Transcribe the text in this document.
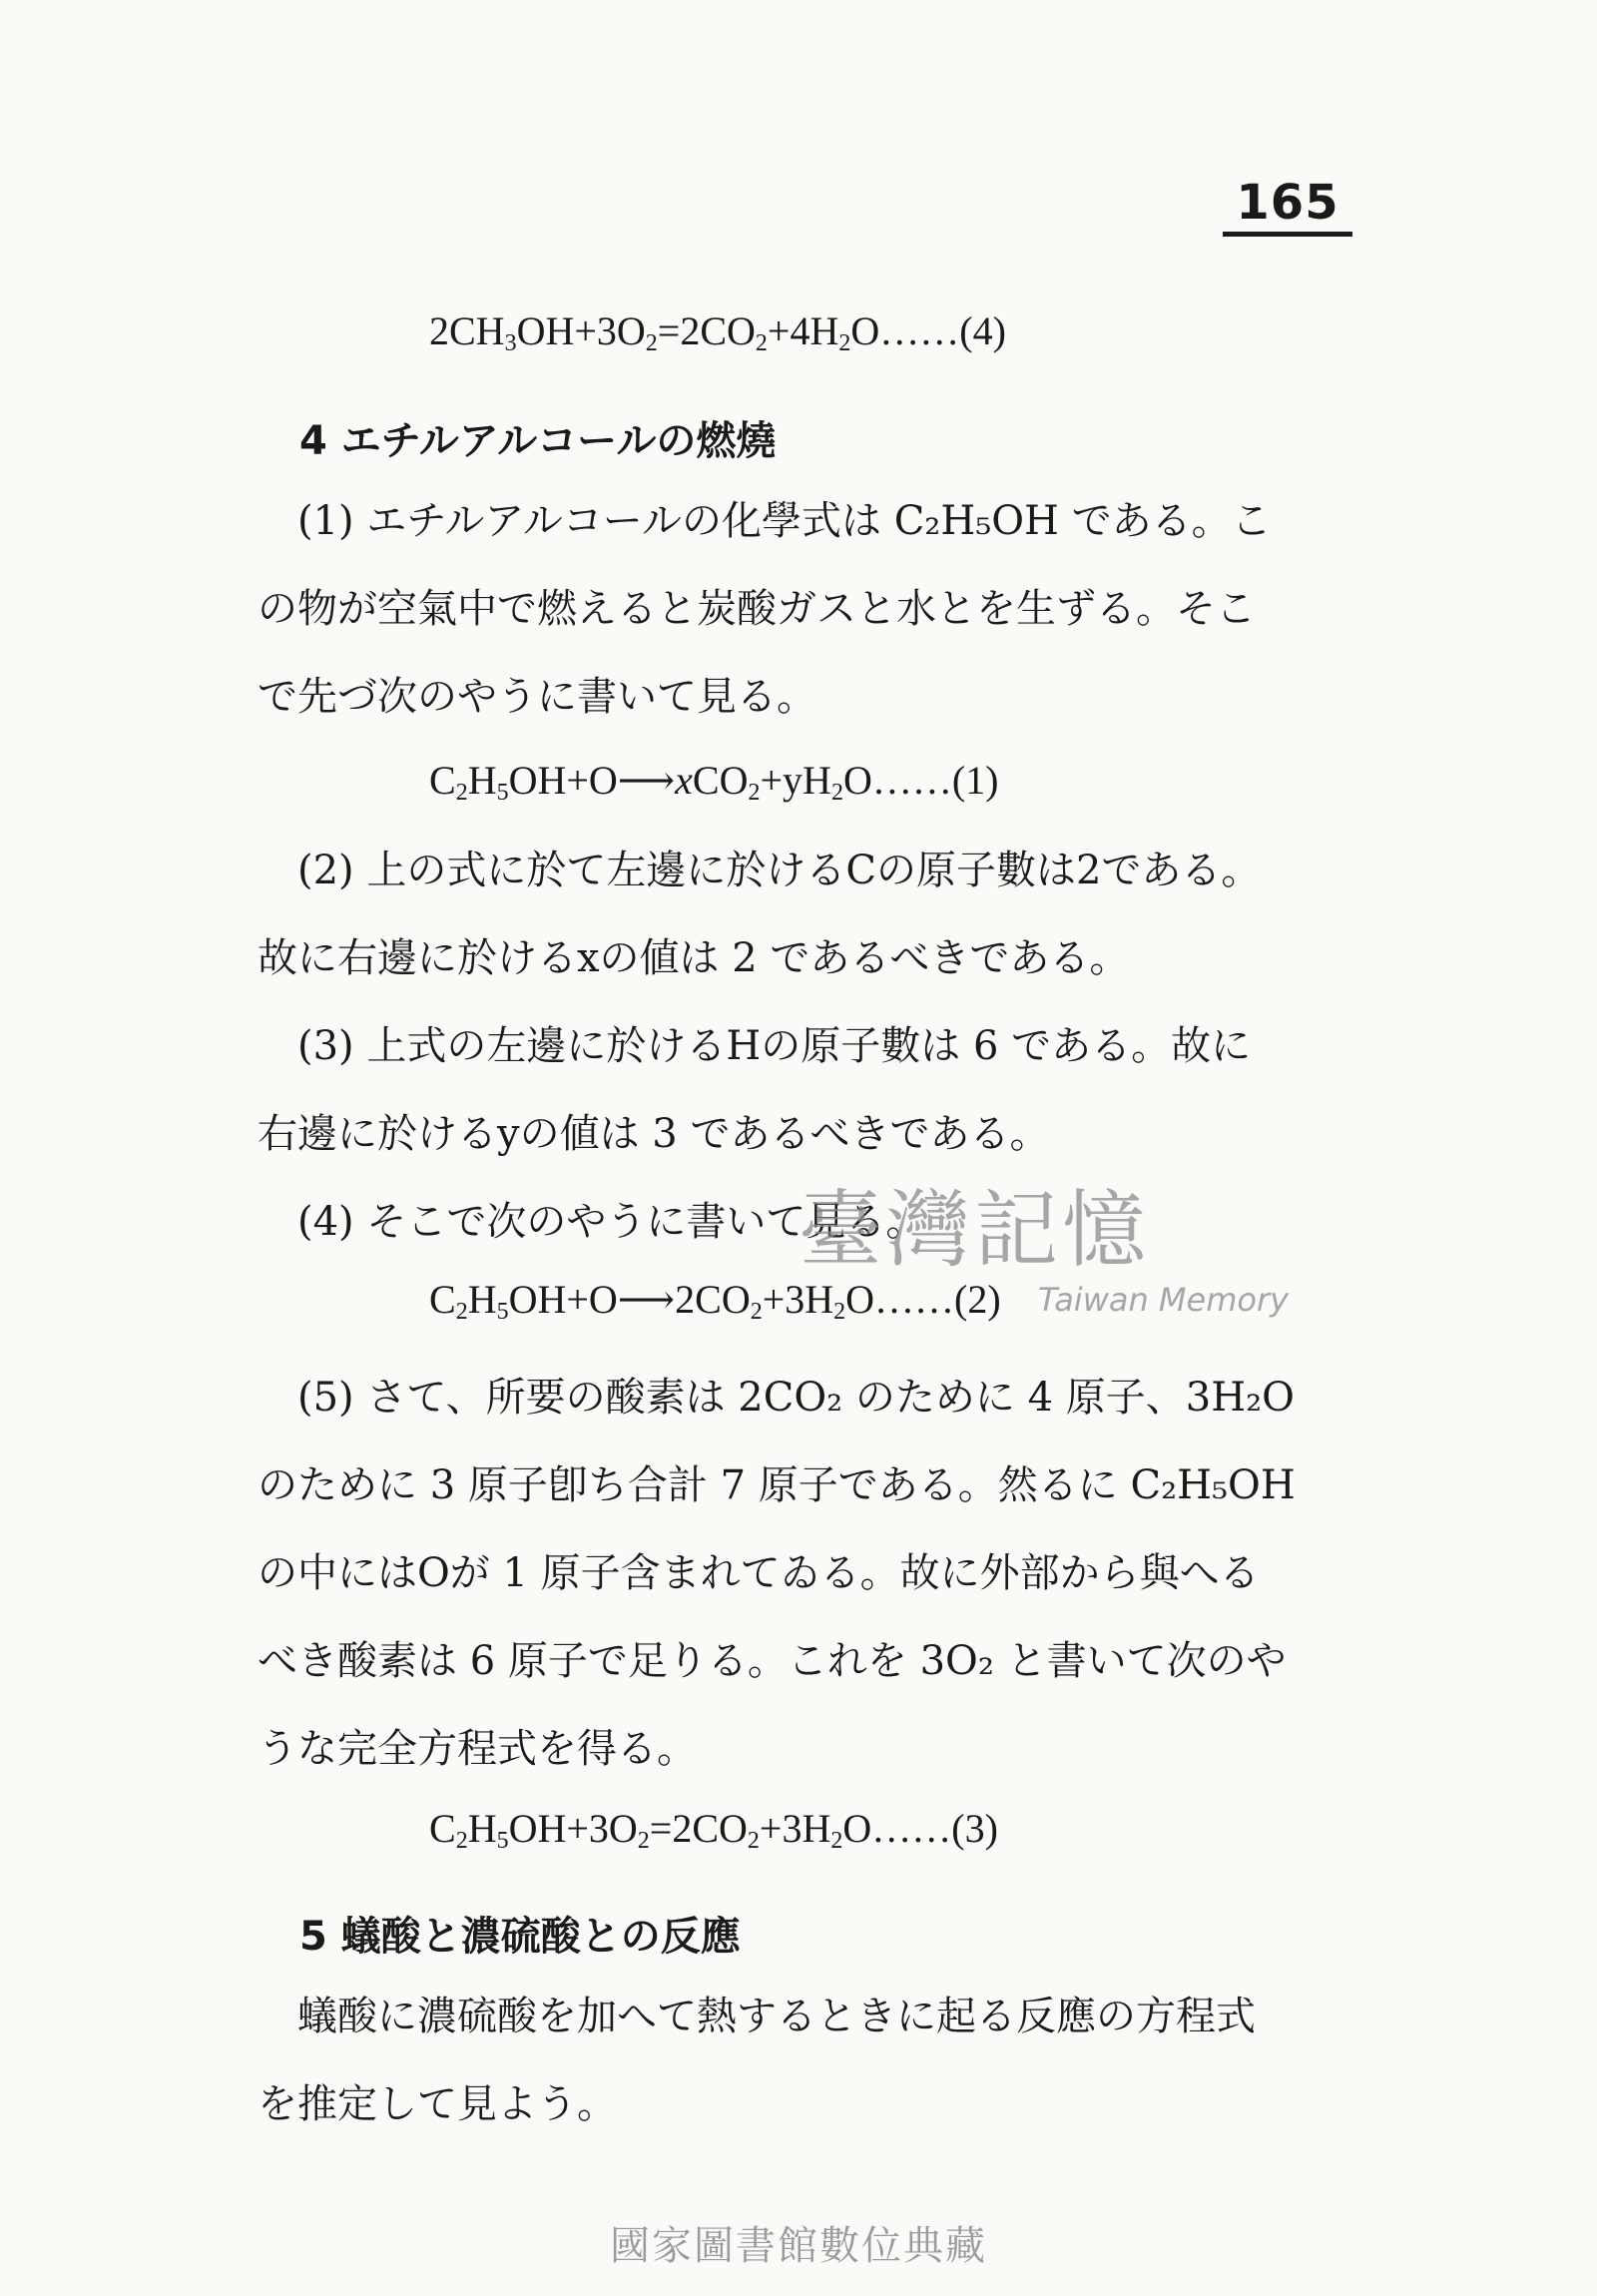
165
$2CH_3OH+3O_2=2CO_2+4H_2O\dots\dots(4)$
4 エチルアルコールの燃燒
(1) エチルアルコールの化學式は C₂H₅OH である。こ
の物が空氣中で燃えると炭酸ガスと水とを生ずる。そこ
で先づ次のやうに書いて見る。
$C_2H_5OH+O⟶xCO_2+yH_2O\dots\dots(1)$
(2) 上の式に於て左邊に於けるCの原子數は2である。
故に右邊に於けるxの値は 2 であるべきである。
(3) 上式の左邊に於けるHの原子數は 6 である。故に
右邊に於けるyの値は 3 であるべきである。
(4) そこで次のやうに書いて見る。
$C_2H_5OH+O⟶2CO_2+3H_2O\dots\dots(2)$
(5) さて、所要の酸素は 2CO₂ のために 4 原子、3H₂O
のために 3 原子卽ち合計 7 原子である。然るに C₂H₅OH
の中にはOが 1 原子含まれてゐる。故に外部から與へる
べき酸素は 6 原子で足りる。これを 3O₂ と書いて次のや
うな完全方程式を得る。
$C_2H_5OH+3O_2=2CO_2+3H_2O\dots\dots(3)$
5 蟻酸と濃硫酸との反應
蟻酸に濃硫酸を加へて熱するときに起る反應の方程式
を推定して見よう。
臺灣記憶
Taiwan Memory
國家圖書館數位典藏
